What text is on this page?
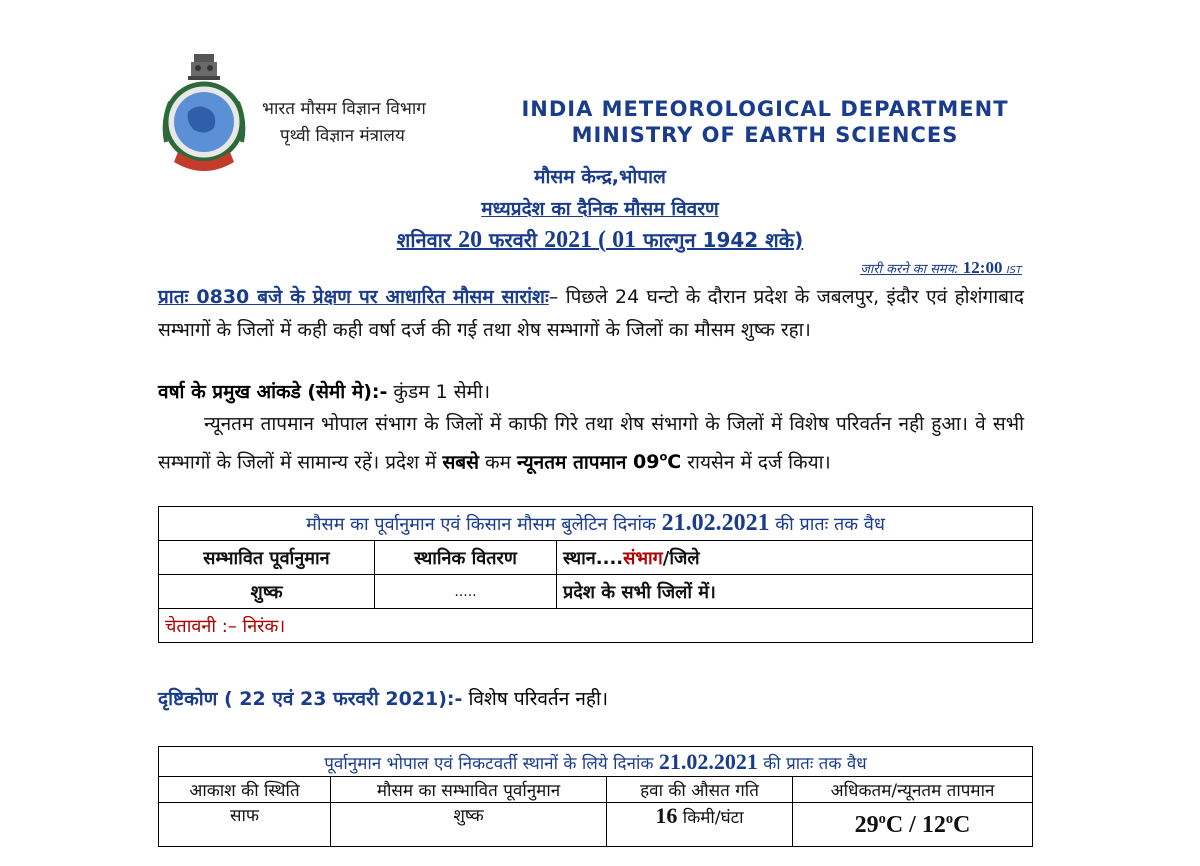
भारत मौसम विज्ञान विभाग
पृथ्वी विज्ञान मंत्रालय
INDIA METEOROLOGICAL DEPARTMENT
MINISTRY OF EARTH SCIENCES
मौसम केन्द्र,भोपाल
मध्यप्रदेश का दैनिक मौसम विवरण
शनिवार 20 फरवरी 2021 ( 01 फाल्गुन 1942 शके)
जारी करने का समय: 12:00 IST
प्रातः 0830 बजे के प्रेक्षण पर आधारित मौसम सारांशः– पिछले 24 घन्टो के दौरान प्रदेश के जबलपुर, इंदौर एवं होशंगाबाद सम्भागों के जिलों में कही कही वर्षा दर्ज की गई तथा शेष सम्भागों के जिलों का मौसम शुष्क रहा।
वर्षा के प्रमुख आंकडे (सेमी मे):- कुंडम 1 सेमी।
न्यूनतम तापमान भोपाल संभाग के जिलों में काफी गिरे तथा शेष संभागो के जिलों में विशेष परिवर्तन नही हुआ। वे सभी सम्भागों के जिलों में सामान्य रहें। प्रदेश में सबसे कम न्यूनतम तापमान 09$^o$C रायसेन में दर्ज किया।
मौसम का पूर्वानुमान एवं किसान मौसम बुलेटिन दिनांक 21.02.2021 की प्रातः तक वैध		
सम्भावित पूर्वानुमान	स्थानिक वितरण	स्थान....संभाग/जिले
शुष्क	.....	प्रदेश के सभी जिलों में।
चेतावनी :– निरंक।		
दृष्टिकोण ( 22 एवं 23 फरवरी 2021):- विशेष परिवर्तन नही।
पूर्वानुमान भोपाल एवं निकटवर्ती स्थानों के लिये दिनांक 21.02.2021 की प्रातः तक वैध			
आकाश की स्थिति	मौसम का सम्भावित पूर्वानुमान	हवा की औसत गति	अधिकतम/न्यूनतम तापमान
साफ	शुष्क	16 किमी/घंटा	29$^o$C / 12$^o$C
